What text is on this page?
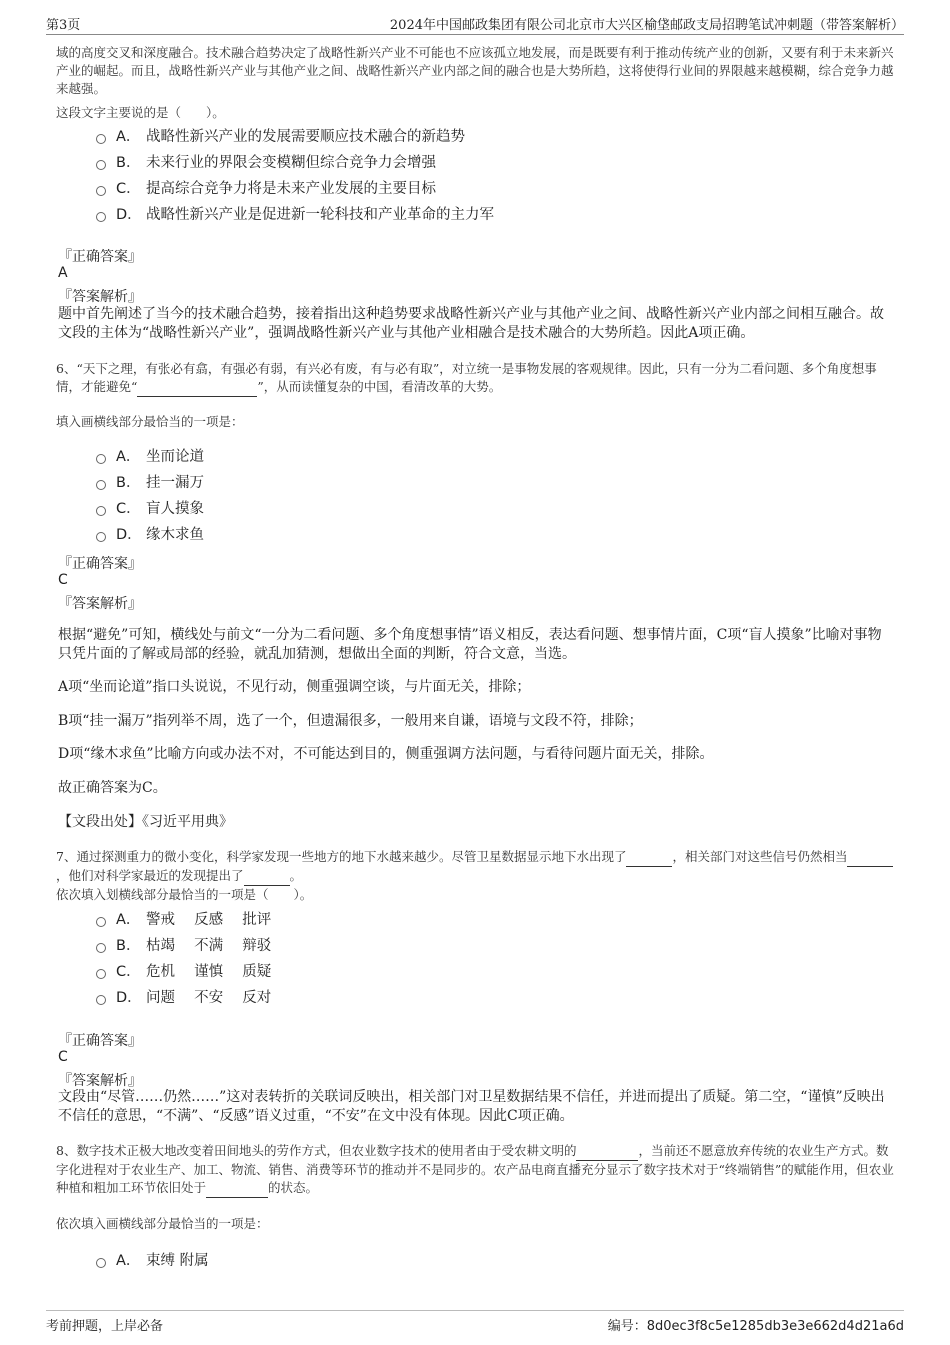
第3页	2024年中国邮政集团有限公司北京市大兴区榆垡邮政支局招聘笔试冲刺题（带答案解析）
域的高度交叉和深度融合。技术融合趋势决定了战略性新兴产业不可能也不应该孤立地发展，而是既要有利于推动传统产业的创新，又要有利于未来新兴产业的崛起。而且，战略性新兴产业与其他产业之间、战略性新兴产业内部之间的融合也是大势所趋，这将使得行业间的界限越来越模糊，综合竞争力越来越强。
这段文字主要说的是（　　）。
A． 战略性新兴产业的发展需要顺应技术融合的新趋势
B． 未来行业的界限会变模糊但综合竞争力会增强
C． 提高综合竞争力将是未来产业发展的主要目标
D． 战略性新兴产业是促进新一轮科技和产业革命的主力军
『正确答案』
A
『答案解析』
题中首先阐述了当今的技术融合趋势，接着指出这种趋势要求战略性新兴产业与其他产业之间、战略性新兴产业内部之间相互融合。故文段的主体为“战略性新兴产业”，强调战略性新兴产业与其他产业相融合是技术融合的大势所趋。因此A项正确。
6、“天下之理，有张必有翕，有强必有弱，有兴必有废，有与必有取”，对立统一是事物发展的客观规律。因此，只有一分为二看问题、多个角度想事情，才能避免“	”，从而读懂复杂的中国，看清改革的大势。
填入画横线部分最恰当的一项是：
A． 坐而论道
B． 挂一漏万
C． 盲人摸象
D． 缘木求鱼
『正确答案』
C
『答案解析』
根据“避免”可知，横线处与前文“一分为二看问题、多个角度想事情”语义相反，表达看问题、想事情片面，C项“盲人摸象”比喻对事物只凭片面的了解或局部的经验，就乱加猜测，想做出全面的判断，符合文意，当选。
A项“坐而论道”指口头说说，不见行动，侧重强调空谈，与片面无关，排除；
B项“挂一漏万”指列举不周，选了一个，但遗漏很多，一般用来自谦，语境与文段不符，排除；
D项“缘木求鱼”比喻方向或办法不对，不可能达到目的，侧重强调方法问题，与看待问题片面无关，排除。
故正确答案为C。
【文段出处】《习近平用典》
7、通过探测重力的微小变化，科学家发现一些地方的地下水越来越少。尽管卫星数据显示地下水出现了	，相关部门对这些信号仍然相当 ，他们对科学家最近的发现提出了	。
依次填入划横线部分最恰当的一项是（　　）。
A． 警戒　 反感　 批评
B． 枯竭　 不满　 辩驳
C． 危机　 谨慎　 质疑
D． 问题　 不安　 反对
『正确答案』
C
『答案解析』
文段由“尽管……仍然……”这对表转折的关联词反映出，相关部门对卫星数据结果不信任，并进而提出了质疑。第二空，“谨慎”反映出不信任的意思，“不满”、“反感”语义过重，“不安”在文中没有体现。因此C项正确。
8、数字技术正极大地改变着田间地头的劳作方式，但农业数字技术的使用者由于受农耕文明的	，当前还不愿意放弃传统的农业生产方式。数字化进程对于农业生产、加工、物流、销售、消费等环节的推动并不是同步的。农产品电商直播充分显示了数字技术对于“终端销售”的赋能作用，但农业种植和粗加工环节依旧处于	的状态。
依次填入画横线部分最恰当的一项是：
A． 束缚 附属
考前押题，上岸必备	编号：8d0ec3f8c5e1285db3e3e662d4d21a6d
